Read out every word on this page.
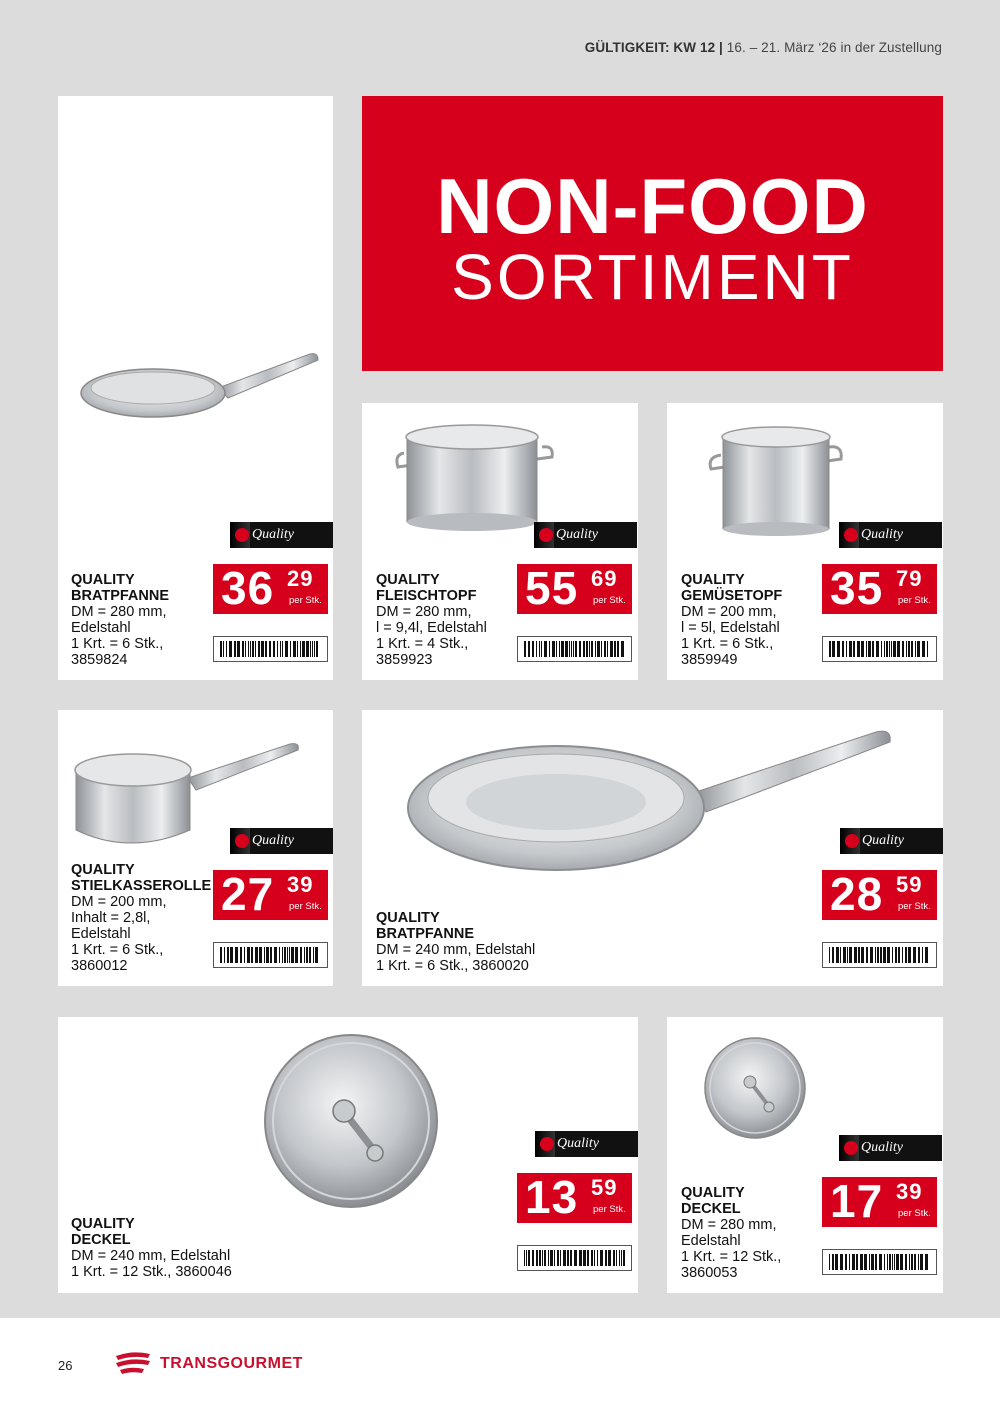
GÜLTIGKEIT: KW 12 | 16. – 21. März ‘26 in der Zustellung
NON-FOOD
SORTIMENT
Quality
36 29
per Stk.
QUALITY
BRATPFANNE
DM = 280 mm,
Edelstahl
1 Krt. = 6 Stk.,
3859824
Quality
55 69
per Stk.
QUALITY
FLEISCHTOPF
DM = 280 mm,
l = 9,4l, Edelstahl
1 Krt. = 4 Stk.,
3859923
Quality
35 79
per Stk.
QUALITY
GEMÜSETOPF
DM = 200 mm,
l = 5l, Edelstahl
1 Krt. = 6 Stk.,
3859949
Quality
27 39
per Stk.
QUALITY
STIELKASSEROLLE
DM = 200 mm,
Inhalt = 2,8l,
Edelstahl
1 Krt. = 6 Stk.,
3860012
Quality
28 59
per Stk.
QUALITY
BRATPFANNE
DM = 240 mm, Edelstahl
1 Krt. = 6 Stk., 3860020
Quality
13 59
per Stk.
QUALITY
DECKEL
DM = 240 mm, Edelstahl
1 Krt. = 12 Stk., 3860046
Quality
17 39
per Stk.
QUALITY
DECKEL
DM = 280 mm,
Edelstahl
1 Krt. = 12 Stk.,
3860053
26	TRANSGOURMET
